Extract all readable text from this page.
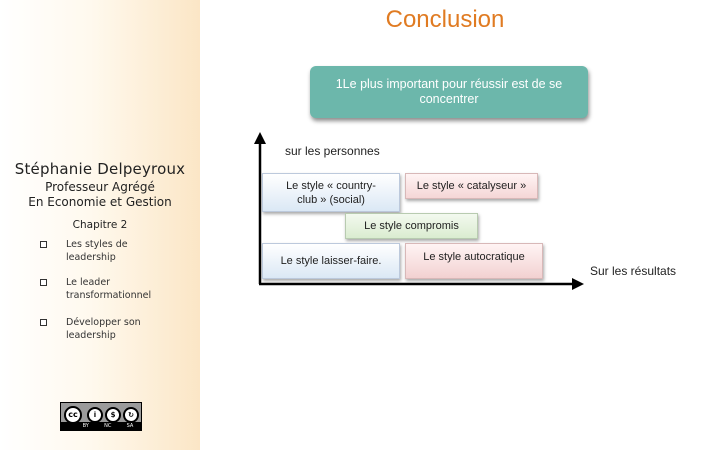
Stéphanie Delpeyroux
Professeur Agrégé
En Economie et Gestion
Chapitre 2
Les styles de leadership
Le leader transformationnel
Développer son leadership
cc	i	$	↻
BY	NC	SA
Conclusion
1Le plus important pour réussir est de se concentrer
sur les personnes
Sur les résultats
Le style « country-club » (social)
Le style « catalyseur »
Le style compromis
Le style laisser-faire.	Le style autocratique
